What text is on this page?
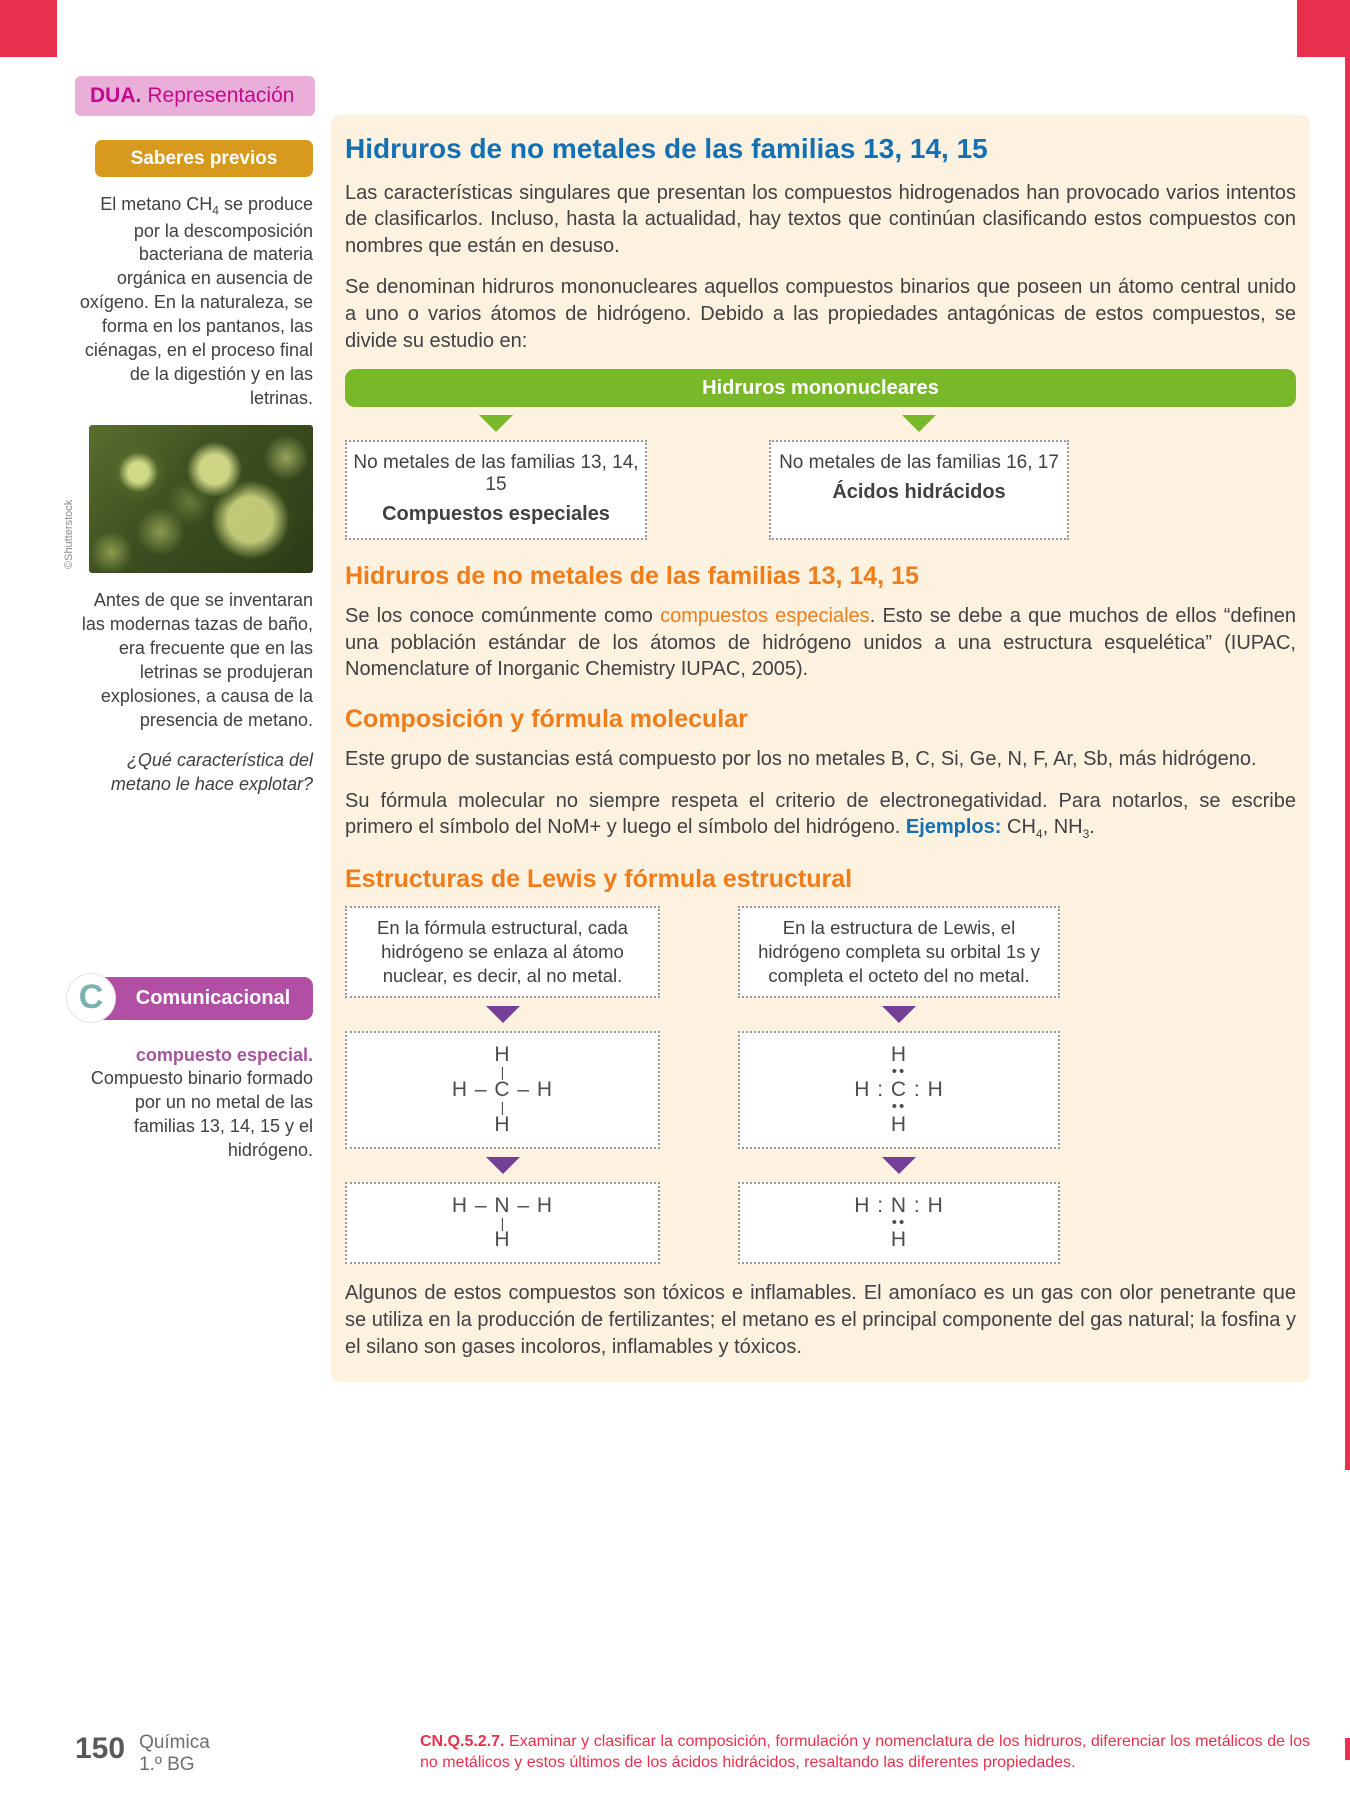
DUA. Representación
Saberes previos

El metano $CH_4$ se produce por la descomposición bacteriana de materia orgánica en ausencia de oxígeno. En la naturaleza, se forma en los pantanos, las ciénagas, en el proceso final de la digestión y en las letrinas.

©Shutterstock

Antes de que se inventaran las modernas tazas de baño, era frecuente que en las letrinas se produjeran explosiones, a causa de la presencia de metano.

¿Qué característica del metano le hace explotar?

C	Comunicacional

compuesto especial. Compuesto binario formado por un no metal de las familias 13, 14, 15 y el hidrógeno.

Hidruros de no metales de las familias 13, 14, 15

Las características singulares que presentan los compuestos hidrogenados han provocado varios intentos de clasificarlos. Incluso, hasta la actualidad, hay textos que continúan clasificando estos compuestos con nombres que están en desuso.

Se denominan hidruros mononucleares aquellos compuestos binarios que poseen un átomo central unido a uno o varios átomos de hidrógeno. Debido a las propiedades antagónicas de estos compuestos, se divide su estudio en:

Hidruros mononucleares
No metales de las familias 13, 14, 15
Compuestos especiales
No metales de las familias 16, 17
Ácidos hidrácidos
Hidruros de no metales de las familias 13, 14, 15

Se los conoce comúnmente como compuestos especiales. Esto se debe a que muchos de ellos “definen una población estándar de los átomos de hidrógeno unidos a una estructura esquelética” (IUPAC, Nomenclature of Inorganic Chemistry IUPAC, 2005).

Composición y fórmula molecular

Este grupo de sustancias está compuesto por los no metales B, C, Si, Ge, N, F, Ar, Sb, más hidrógeno.

Su fórmula molecular no siempre respeta el criterio de electronegatividad. Para notarlos, se escribe primero el símbolo del NoM+ y luego el símbolo del hidrógeno. Ejemplos: $CH_4$, $NH_3$.

Estructuras de Lewis y fórmula estructural
En la fórmula estructural, cada hidrógeno se enlaza al átomo nuclear, es decir, al no metal.
En la estructura de Lewis, el hidrógeno completa su orbital 1s y completa el octeto del no metal.
H
|
H – C – H
|
H
H
••
H : C : H
••
H
H – N – H
|
H
H : N : H
••
H

Algunos de estos compuestos son tóxicos e inflamables. El amoníaco es un gas con olor penetrante que se utiliza en la producción de fertilizantes; el metano es el principal componente del gas natural; la fosfina y el silano son gases incoloros, inflamables y tóxicos.

150 Química
1.º BG

CN.Q.5.2.7. Examinar y clasificar la composición, formulación y nomenclatura de los hidruros, diferenciar los metálicos de los no metálicos y estos últimos de los ácidos hidrácidos, resaltando las diferentes propiedades.
